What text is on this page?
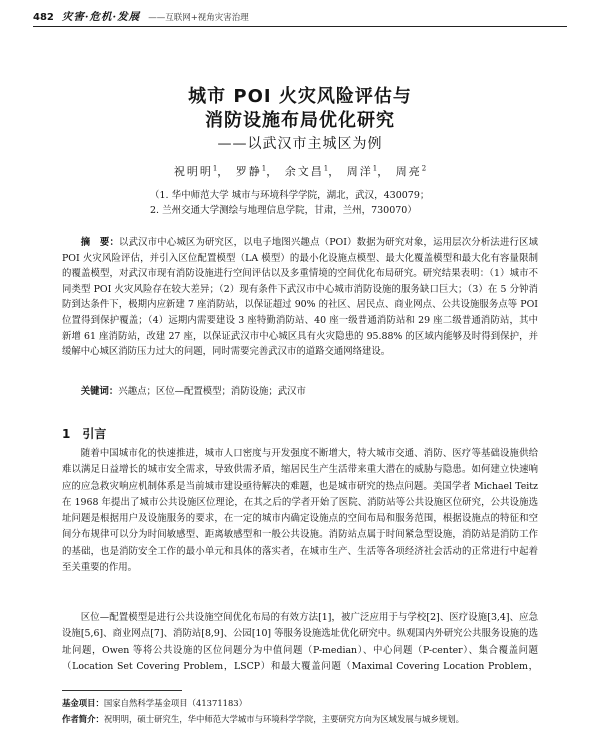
482 灾害·危机·发展 ——互联网+视角灾害治理
城市 POI 火灾风险评估与
消防设施布局优化研究
——以武汉市主城区为例
祝明明$^1$， 罗静$^1$， 余文昌$^1$， 周洋$^1$， 周亮$^2$
（1. 华中师范大学 城市与环境科学学院，湖北，武汉，430079；
2. 兰州交通大学测绘与地理信息学院，甘肃，兰州，730070）
摘　要：以武汉市中心城区为研究区，以电子地图兴趣点（POI）数据为研究对象，运用层次分析法进行区域 POI 火灾风险评估，并引入区位配置模型（LA 模型）的最小化设施点模型、最大化覆盖模型和最大化有容量限制的覆盖模型，对武汉市现有消防设施进行空间评估以及多重情境的空间优化布局研究。研究结果表明：（1）城市不同类型 POI 火灾风险存在较大差异；（2）现有条件下武汉市中心城市消防设施的服务缺口巨大；（3）在 5 分钟消防到达条件下，极期内应新建 7 座消防站，以保证超过 90% 的社区、居民点、商业网点、公共设施服务点等 POI 位置得到保护覆盖；（4）远期内需要建设 3 座特勤消防站、40 座一级普通消防站和 29 座二级普通消防站，其中新增 61 座消防站，改建 27 座，以保证武汉市中心城区具有火灾隐患的 95.88% 的区域内能够及时得到保护，并缓解中心城区消防压力过大的问题，同时需要完善武汉市的道路交通网络建设。
关键词：兴趣点；区位—配置模型；消防设施；武汉市
1　引言
随着中国城市化的快速推进，城市人口密度与开发强度不断增大，特大城市交通、消防、医疗等基础设施供给难以满足日益增长的城市安全需求，导致供需矛盾，缩居民生产生活带来重大潜在的威胁与隐患。如何建立快速响应的应急救灾响应机制体系是当前城市建设亟待解决的难题，也是城市研究的热点问题。美国学者 Michael Teitz 在 1968 年提出了城市公共设施区位理论，在其之后的学者开始了医院、消防站等公共设施区位研究，公共设施选址问题是根据用户及设施服务的要求，在一定的城市内确定设施点的空间布局和服务范围，根据设施点的特征和空间分布规律可以分为时间敏感型、距离敏感型和一般公共设施。消防站点属于时间紧急型设施，消防站是消防工作的基础，也是消防安全工作的最小单元和具体的落实者，在城市生产、生活等各项经济社会活动的正常进行中起着至关重要的作用。
区位—配置模型是进行公共设施空间优化布局的有效方法[1]，被广泛应用于与学校[2]、医疗设施[3,4]、应急设施[5,6]、商业网点[7]、消防站[8,9]、公园[10] 等服务设施选址优化研究中。纵观国内外研究公共服务设施的选址问题，Owen 等将公共设施的区位问题分为中值问题（P-median）、中心问题（P-center）、集合覆盖问题（Location Set Covering Problem，LSCP）和最大覆盖问题（Maximal Covering Location Problem，
基金项目：国家自然科学基金项目（41371183）
作者简介：祝明明，硕士研究生，华中师范大学城市与环境科学学院，主要研究方向为区域发展与城乡规划。
